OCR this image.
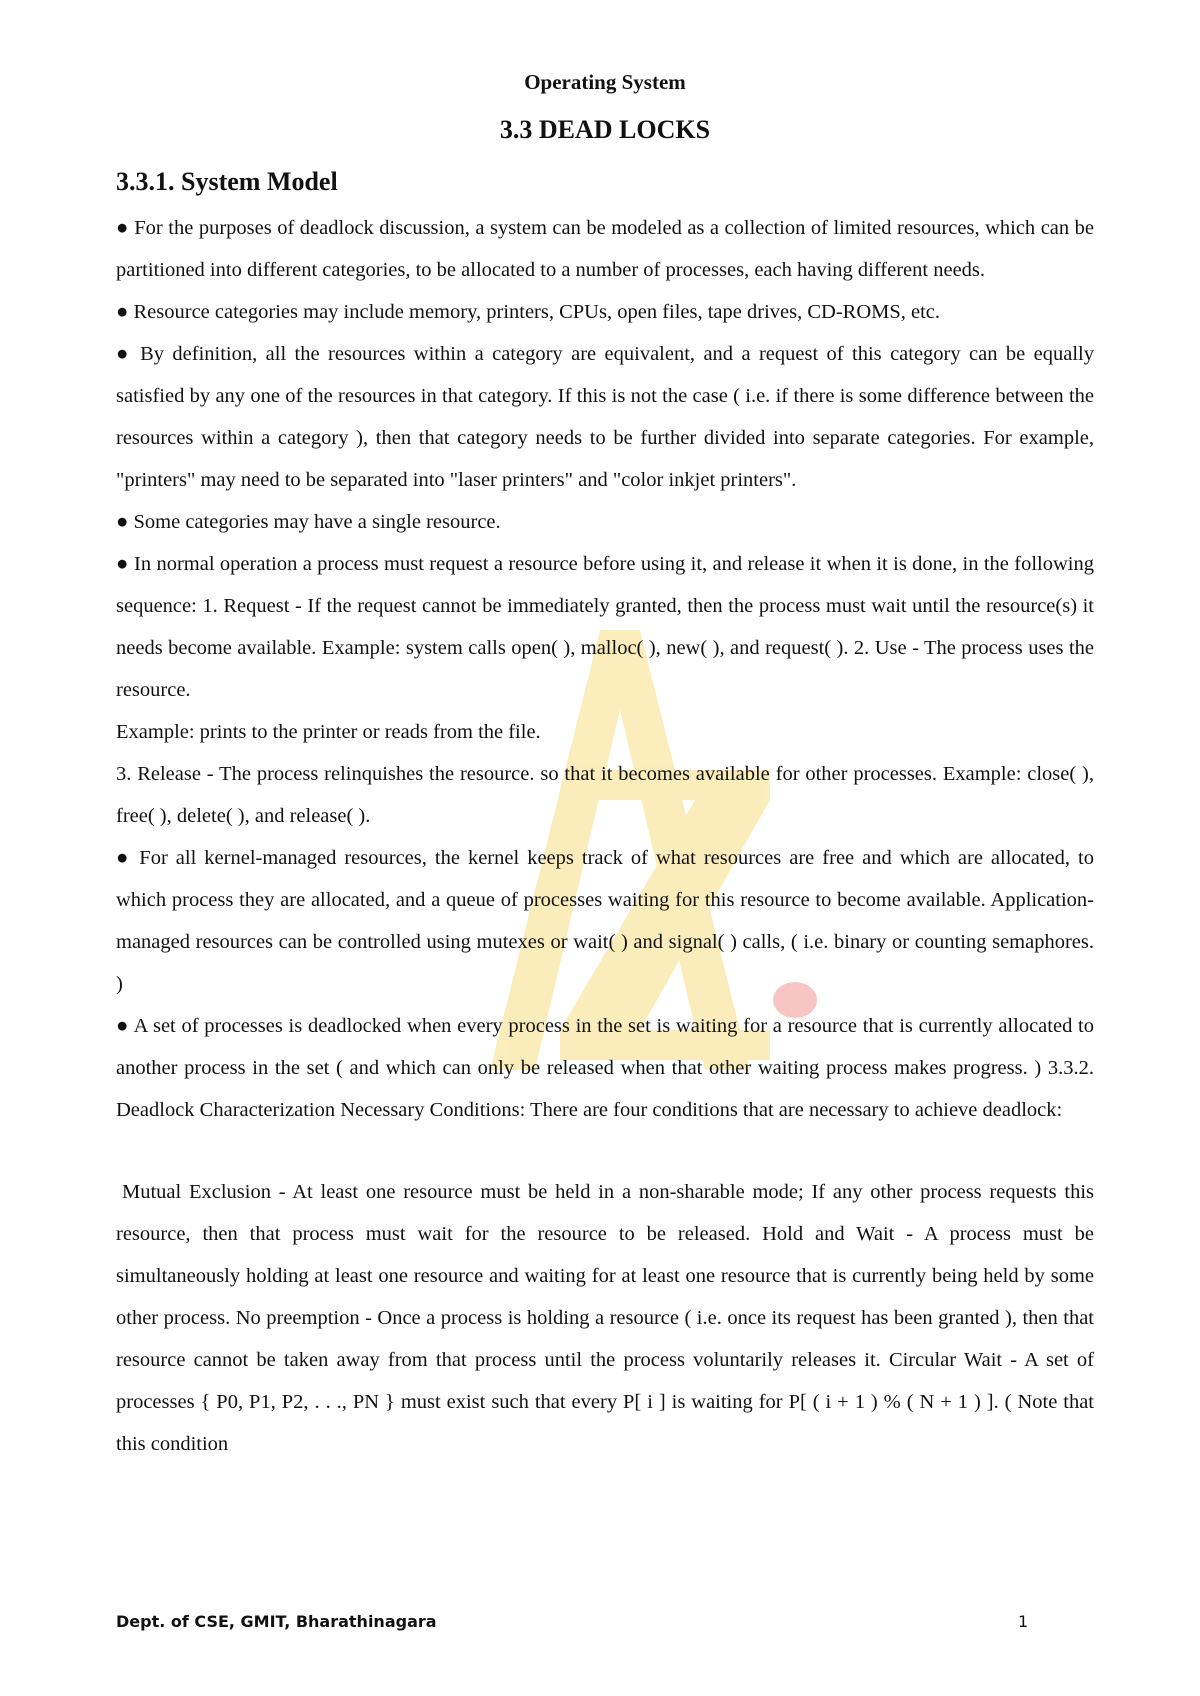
Operating System

3.3 DEAD LOCKS

3.3.1. System Model

● For the purposes of deadlock discussion, a system can be modeled as a collection of limited resources, which can be partitioned into different categories, to be allocated to a number of processes, each having different needs.

● Resource categories may include memory, printers, CPUs, open files, tape drives, CD-ROMS, etc.

● By definition, all the resources within a category are equivalent, and a request of this category can be equally satisfied by any one of the resources in that category. If this is not the case ( i.e. if there is some difference between the resources within a category ), then that category needs to be further divided into separate categories. For example, "printers" may need to be separated into "laser printers" and "color inkjet printers".

● Some categories may have a single resource.

● In normal operation a process must request a resource before using it, and release it when it is done, in the following sequence: 1. Request - If the request cannot be immediately granted, then the process must wait until the resource(s) it needs become available. Example: system calls open( ), malloc( ), new( ), and request( ). 2. Use - The process uses the resource.

Example: prints to the printer or reads from the file.

3. Release - The process relinquishes the resource. so that it becomes available for other processes. Example: close( ), free( ), delete( ), and release( ).

● For all kernel-managed resources, the kernel keeps track of what resources are free and which are allocated, to which process they are allocated, and a queue of processes waiting for this resource to become available. Application-managed resources can be controlled using mutexes or wait( ) and signal( ) calls, ( i.e. binary or counting semaphores. )

● A set of processes is deadlocked when every process in the set is waiting for a resource that is currently allocated to another process in the set ( and which can only be released when that other waiting process makes progress. ) 3.3.2. Deadlock Characterization Necessary Conditions: There are four conditions that are necessary to achieve deadlock:

Mutual Exclusion - At least one resource must be held in a non-sharable mode; If any other process requests this resource, then that process must wait for the resource to be released. Hold and Wait - A process must be simultaneously holding at least one resource and waiting for at least one resource that is currently being held by some other process. No preemption - Once a process is holding a resource ( i.e. once its request has been granted ), then that resource cannot be taken away from that process until the process voluntarily releases it. Circular Wait - A set of processes { P0, P1, P2, . . ., PN } must exist such that every P[ i ] is waiting for P[ ( i + 1 ) % ( N + 1 ) ]. ( Note that this condition

Dept. of CSE, GMIT, Bharathinagara	1
